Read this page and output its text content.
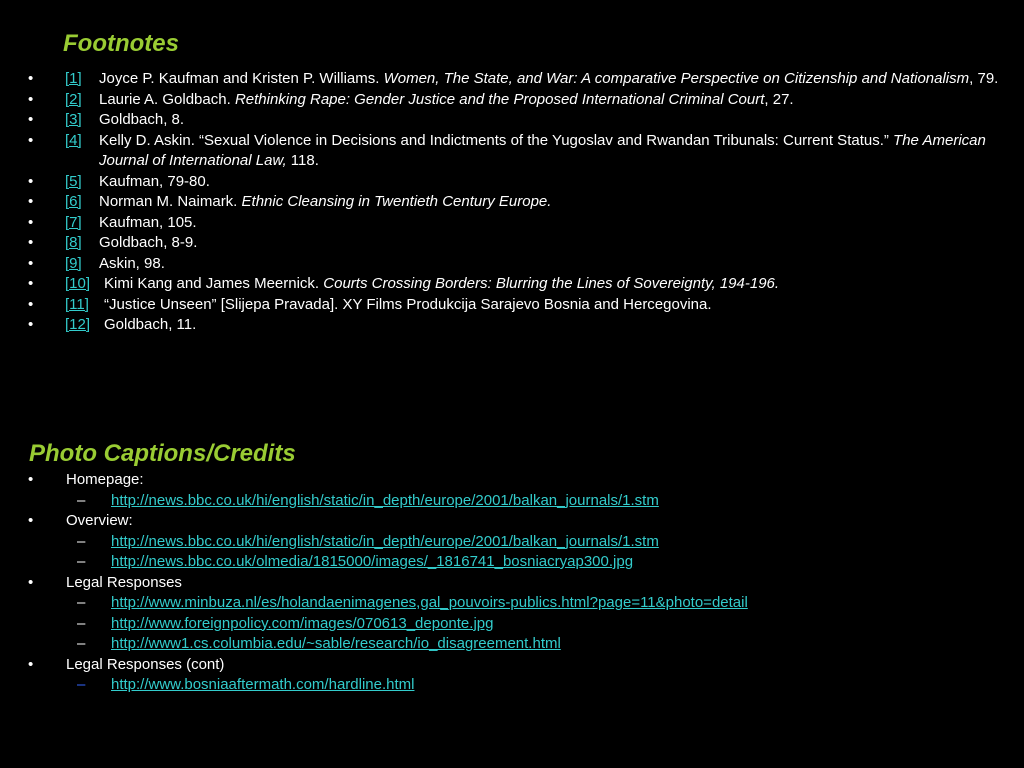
Footnotes
• [1] Joyce P. Kaufman and Kristen P. Williams. Women, The State, and War: A comparative Perspective on Citizenship and Nationalism, 79.
• [2] Laurie A. Goldbach. Rethinking Rape: Gender Justice and the Proposed International Criminal Court, 27.
• [3] Goldbach, 8.
• [4] Kelly D. Askin. “Sexual Violence in Decisions and Indictments of the Yugoslav and Rwandan Tribunals: Current Status.” The American Journal of International Law, 118.
• [5] Kaufman, 79-80.
• [6] Norman M. Naimark. Ethnic Cleansing in Twentieth Century Europe.
• [7] Kaufman, 105.
• [8] Goldbach, 8-9.
• [9] Askin, 98.
• [10] Kimi Kang and James Meernick. Courts Crossing Borders: Blurring the Lines of Sovereignty, 194-196.
• [11] “Justice Unseen” [Slijepa Pravada]. XY Films Produkcija Sarajevo Bosnia and Hercegovina.
• [12] Goldbach, 11.
Photo Captions/Credits
• Homepage:
– http://news.bbc.co.uk/hi/english/static/in_depth/europe/2001/balkan_journals/1.stm
• Overview:
– http://news.bbc.co.uk/hi/english/static/in_depth/europe/2001/balkan_journals/1.stm
– http://news.bbc.co.uk/olmedia/1815000/images/_1816741_bosniacryap300.jpg
• Legal Responses
– http://www.minbuza.nl/es/holandaenimagenes,gal_pouvoirs-publics.html?page=11&photo=detail
– http://www.foreignpolicy.com/images/070613_deponte.jpg
– http://www1.cs.columbia.edu/~sable/research/io_disagreement.html
• Legal Responses (cont)
– http://www.bosniaaftermath.com/hardline.html
